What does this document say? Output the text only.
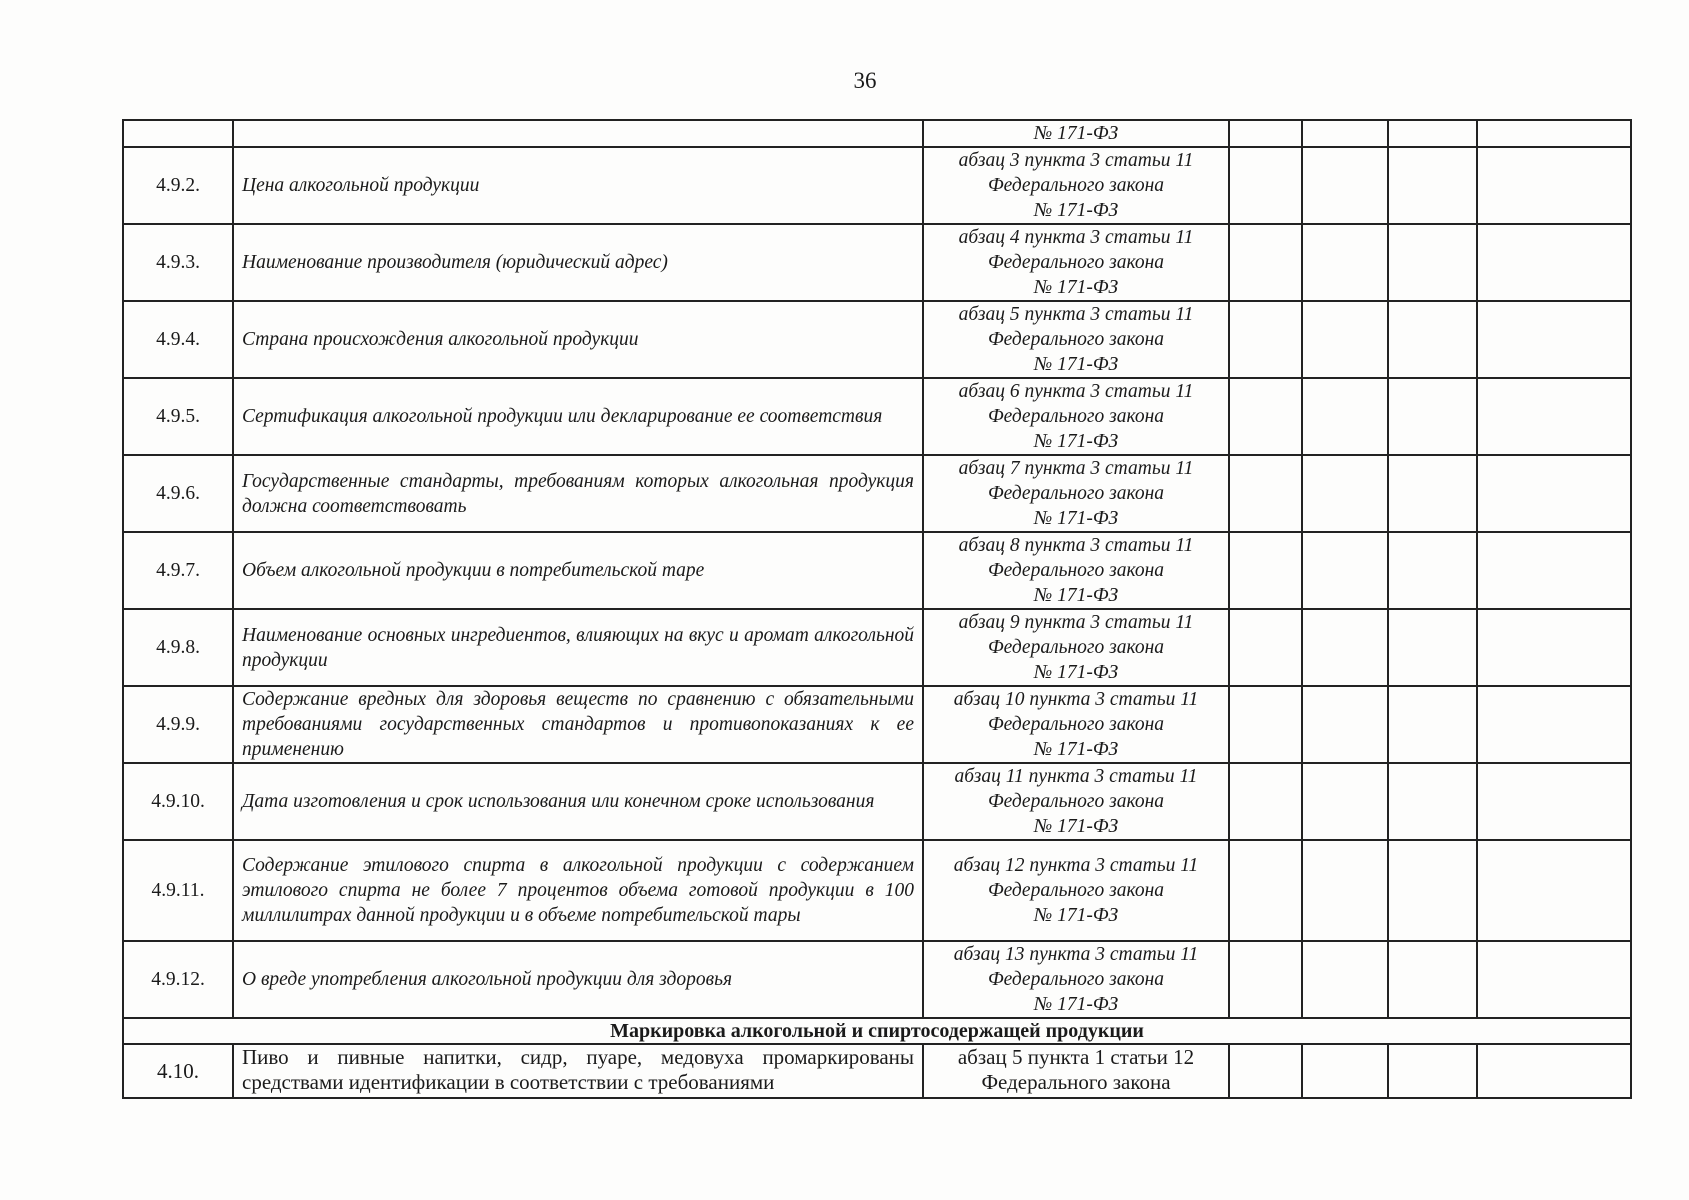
36

		№ 171-ФЗ				

4.9.2.	Цена алкогольной продукции	абзац 3 пункта 3 статьи 11
Федерального закона
№ 171-ФЗ				

4.9.3.	Наименование производителя (юридический адрес)	абзац 4 пункта 3 статьи 11
Федерального закона
№ 171-ФЗ				

4.9.4.	Страна происхождения алкогольной продукции	абзац 5 пункта 3 статьи 11
Федерального закона
№ 171-ФЗ				

4.9.5.	Сертификация алкогольной продукции или декларирование ее соответствия	абзац 6 пункта 3 статьи 11
Федерального закона
№ 171-ФЗ				

4.9.6.	Государственные стандарты, требованиям которых алкогольная продукция должна соответствовать	абзац 7 пункта 3 статьи 11
Федерального закона
№ 171-ФЗ				

4.9.7.	Объем алкогольной продукции в потребительской таре	абзац 8 пункта 3 статьи 11
Федерального закона
№ 171-ФЗ				

4.9.8.	Наименование основных ингредиентов, влияющих на вкус и аромат алкогольной продукции	абзац 9 пункта 3 статьи 11
Федерального закона
№ 171-ФЗ				

4.9.9.	Содержание вредных для здоровья веществ по сравнению с обязательными требованиями государственных стандартов и противопоказаниях к ее применению	абзац 10 пункта 3 статьи 11
Федерального закона
№ 171-ФЗ				

4.9.10.	Дата изготовления и срок использования или конечном сроке использования	абзац 11 пункта 3 статьи 11
Федерального закона
№ 171-ФЗ				

4.9.11.	Содержание этилового спирта в алкогольной продукции с содержанием этилового спирта не более 7 процентов объема готовой продукции в 100 миллилитрах данной продукции и в объеме потребительской тары	абзац 12 пункта 3 статьи 11
Федерального закона
№ 171-ФЗ				

4.9.12.	О вреде употребления алкогольной продукции для здоровья	абзац 13 пункта 3 статьи 11
Федерального закона
№ 171-ФЗ				

Маркировка алкогольной и спиртосодержащей продукции						
4.10.	Пиво и пивные напитки, сидр, пуаре, медовуха промаркированы средствами идентификации в соответствии с требованиями	абзац 5 пункта 1 статьи 12
Федерального закона				
